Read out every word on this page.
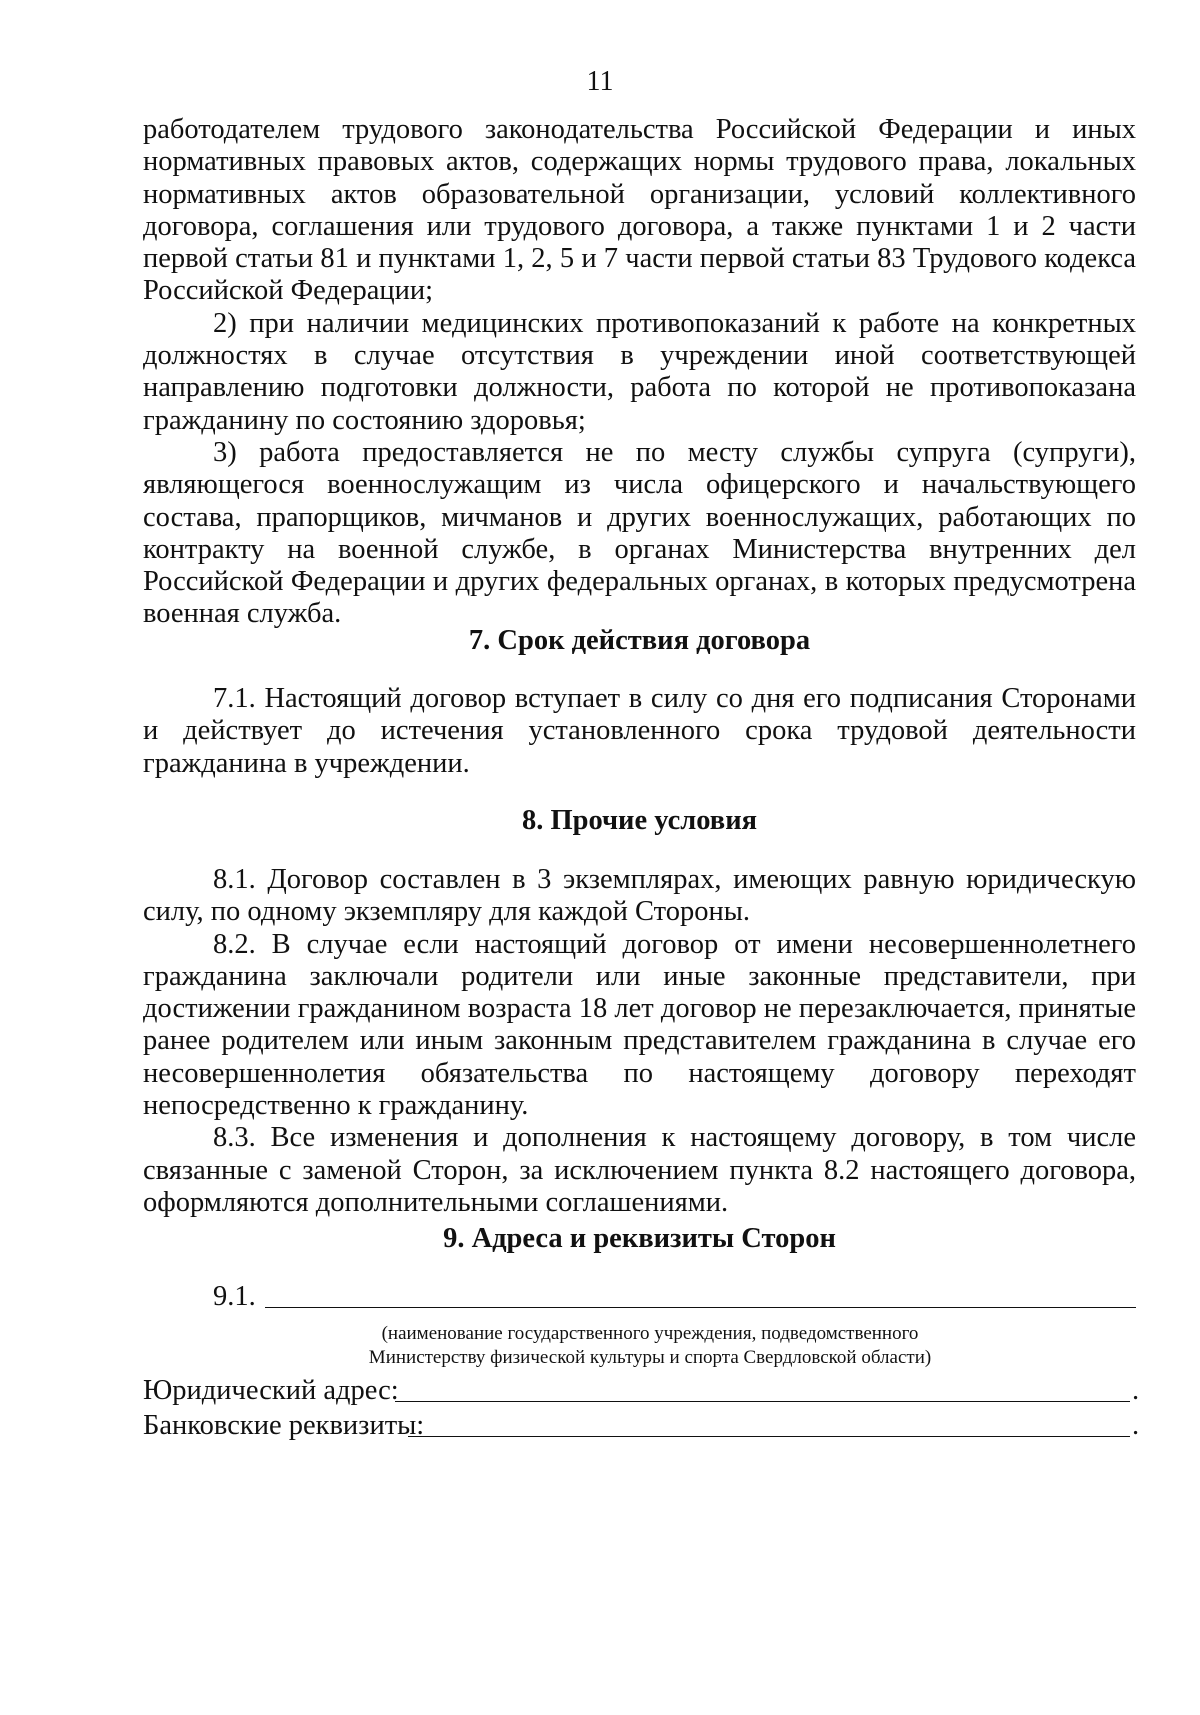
11

работодателем трудового законодательства Российской Федерации и иных нормативных правовых актов, содержащих нормы трудового права, локальных нормативных актов образовательной организации, условий коллективного договора, соглашения или трудового договора, а также пунктами 1 и 2 части первой статьи 81 и пунктами 1, 2, 5 и 7 части первой статьи 83 Трудового кодекса Российской Федерации;

2) при наличии медицинских противопоказаний к работе на конкретных должностях в случае отсутствия в учреждении иной соответствующей направлению подготовки должности, работа по которой не противопоказана гражданину по состоянию здоровья;

3) работа предоставляется не по месту службы супруга (супруги), являющегося военнослужащим из числа офицерского и начальствующего состава, прапорщиков, мичманов и других военнослужащих, работающих по контракту на военной службе, в органах Министерства внутренних дел Российской Федерации и других федеральных органах, в которых предусмотрена военная служба.

7. Срок действия договора

7.1. Настоящий договор вступает в силу со дня его подписания Сторонами и действует до истечения установленного срока трудовой деятельности гражданина в учреждении.

8. Прочие условия

8.1. Договор составлен в 3 экземплярах, имеющих равную юридическую силу, по одному экземпляру для каждой Стороны.

8.2. В случае если настоящий договор от имени несовершеннолетнего гражданина заключали родители или иные законные представители, при достижении гражданином возраста 18 лет договор не перезаключается, принятые ранее родителем или иным законным представителем гражданина в случае его несовершеннолетия обязательства по настоящему договору переходят непосредственно к гражданину.

8.3. Все изменения и дополнения к настоящему договору, в том числе связанные с заменой Сторон, за исключением пункта 8.2 настоящего договора, оформляются дополнительными соглашениями.

9. Адреса и реквизиты Сторон
9.1.
(наименование государственного учреждения, подведомственного
Министерству физической культуры и спорта Свердловской области)
Юридический адрес:	.
Банковские реквизиты:	.
